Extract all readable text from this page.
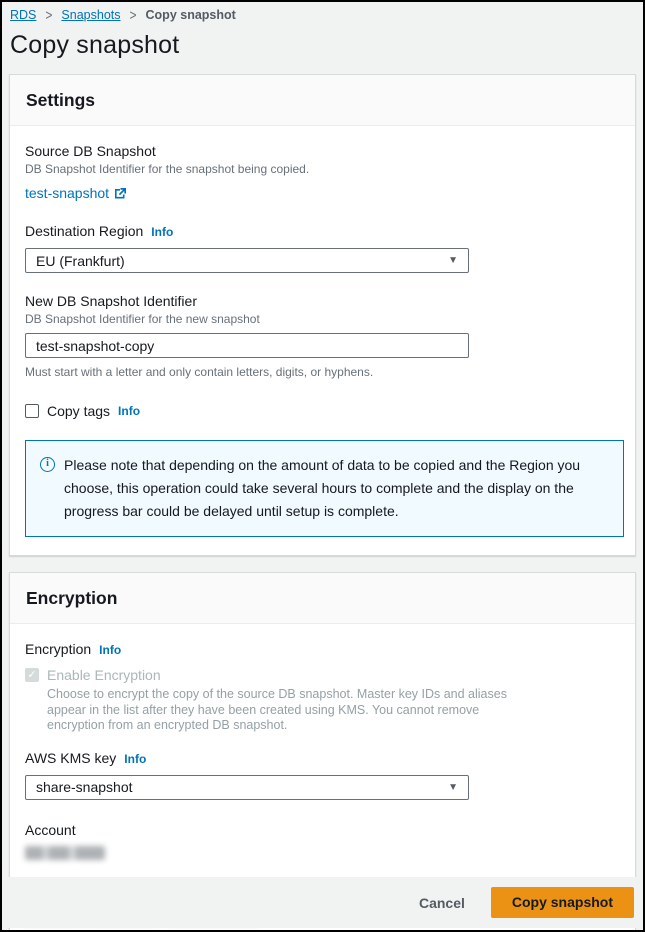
RDS > Snapshots > Copy snapshot
Copy snapshot
Settings
Source DB Snapshot
DB Snapshot Identifier for the snapshot being copied.
test-snapshot
Destination Region Info
EU (Frankfurt)	▼
New DB Snapshot Identifier
DB Snapshot Identifier for the new snapshot
test-snapshot-copy
Must start with a letter and only contain letters, digits, or hyphens.
Copy tags Info
i	Please note that depending on the amount of data to be copied and the Region you choose, this operation could take several hours to complete and the display on the progress bar could be delayed until setup is complete.
Encryption
Encryption Info
✓ Enable Encryption
Choose to encrypt the copy of the source DB snapshot. Master key IDs and aliases appear in the list after they have been created using KMS. You cannot remove encryption from an encrypted DB snapshot.
AWS KMS key Info
share-snapshot	▼
Account
Cancel	Copy snapshot
